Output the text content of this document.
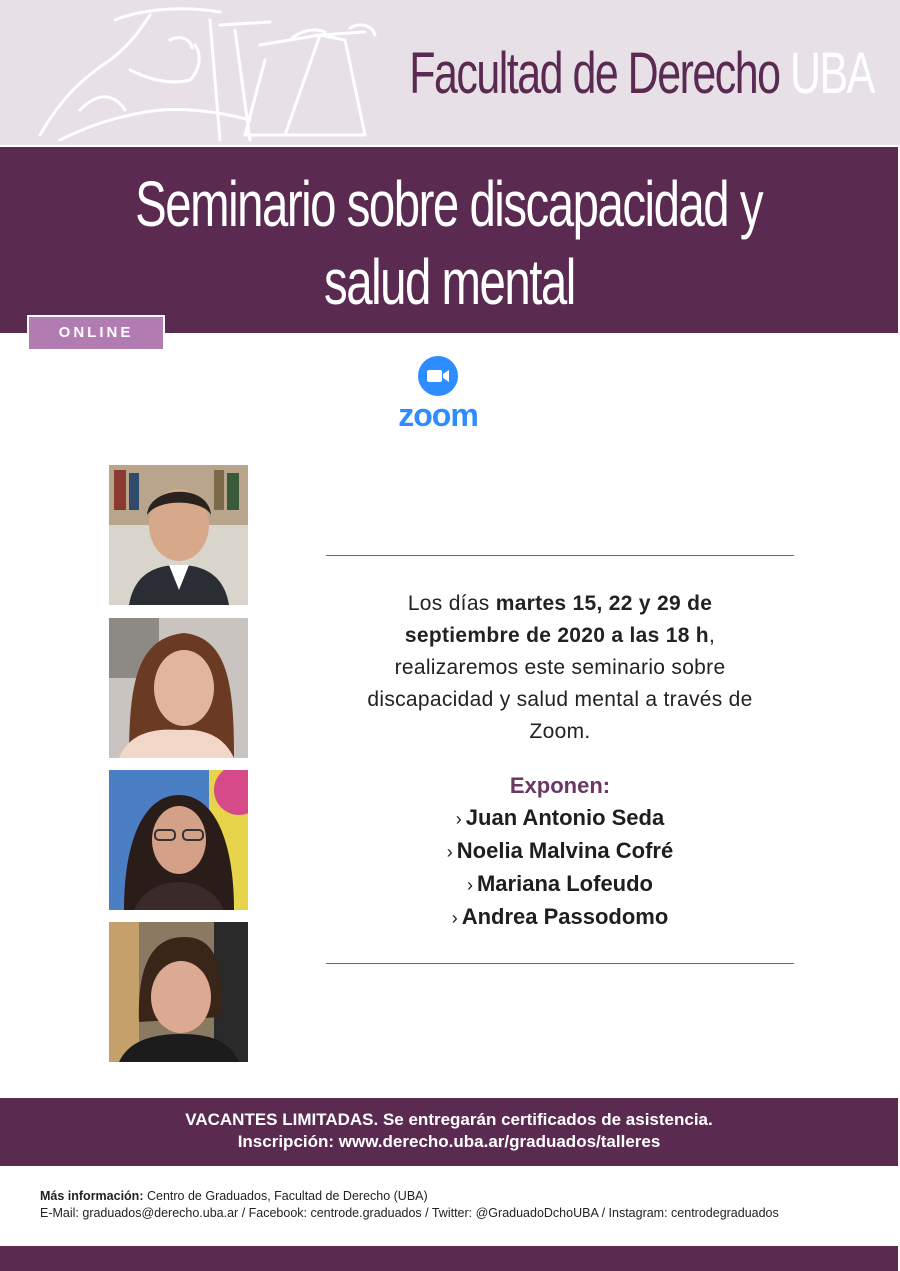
Facultad de Derecho UBA
Seminario sobre discapacidad y
salud mental
ONLINE
zoom
Los días martes 15, 22 y 29 de
septiembre de 2020 a las 18 h,
realizaremos este seminario sobre
discapacidad y salud mental a través de
Zoom.
Exponen:
› Juan Antonio Seda
› Noelia Malvina Cofré
› Mariana Lofeudo
› Andrea Passodomo
VACANTES LIMITADAS. Se entregarán certificados de asistencia.
Inscripción: www.derecho.uba.ar/graduados/talleres
Más información: Centro de Graduados, Facultad de Derecho (UBA)
E-Mail: graduados@derecho.uba.ar / Facebook: centrode.graduados / Twitter: @GraduadoDchoUBA / Instagram: centrodegraduados
